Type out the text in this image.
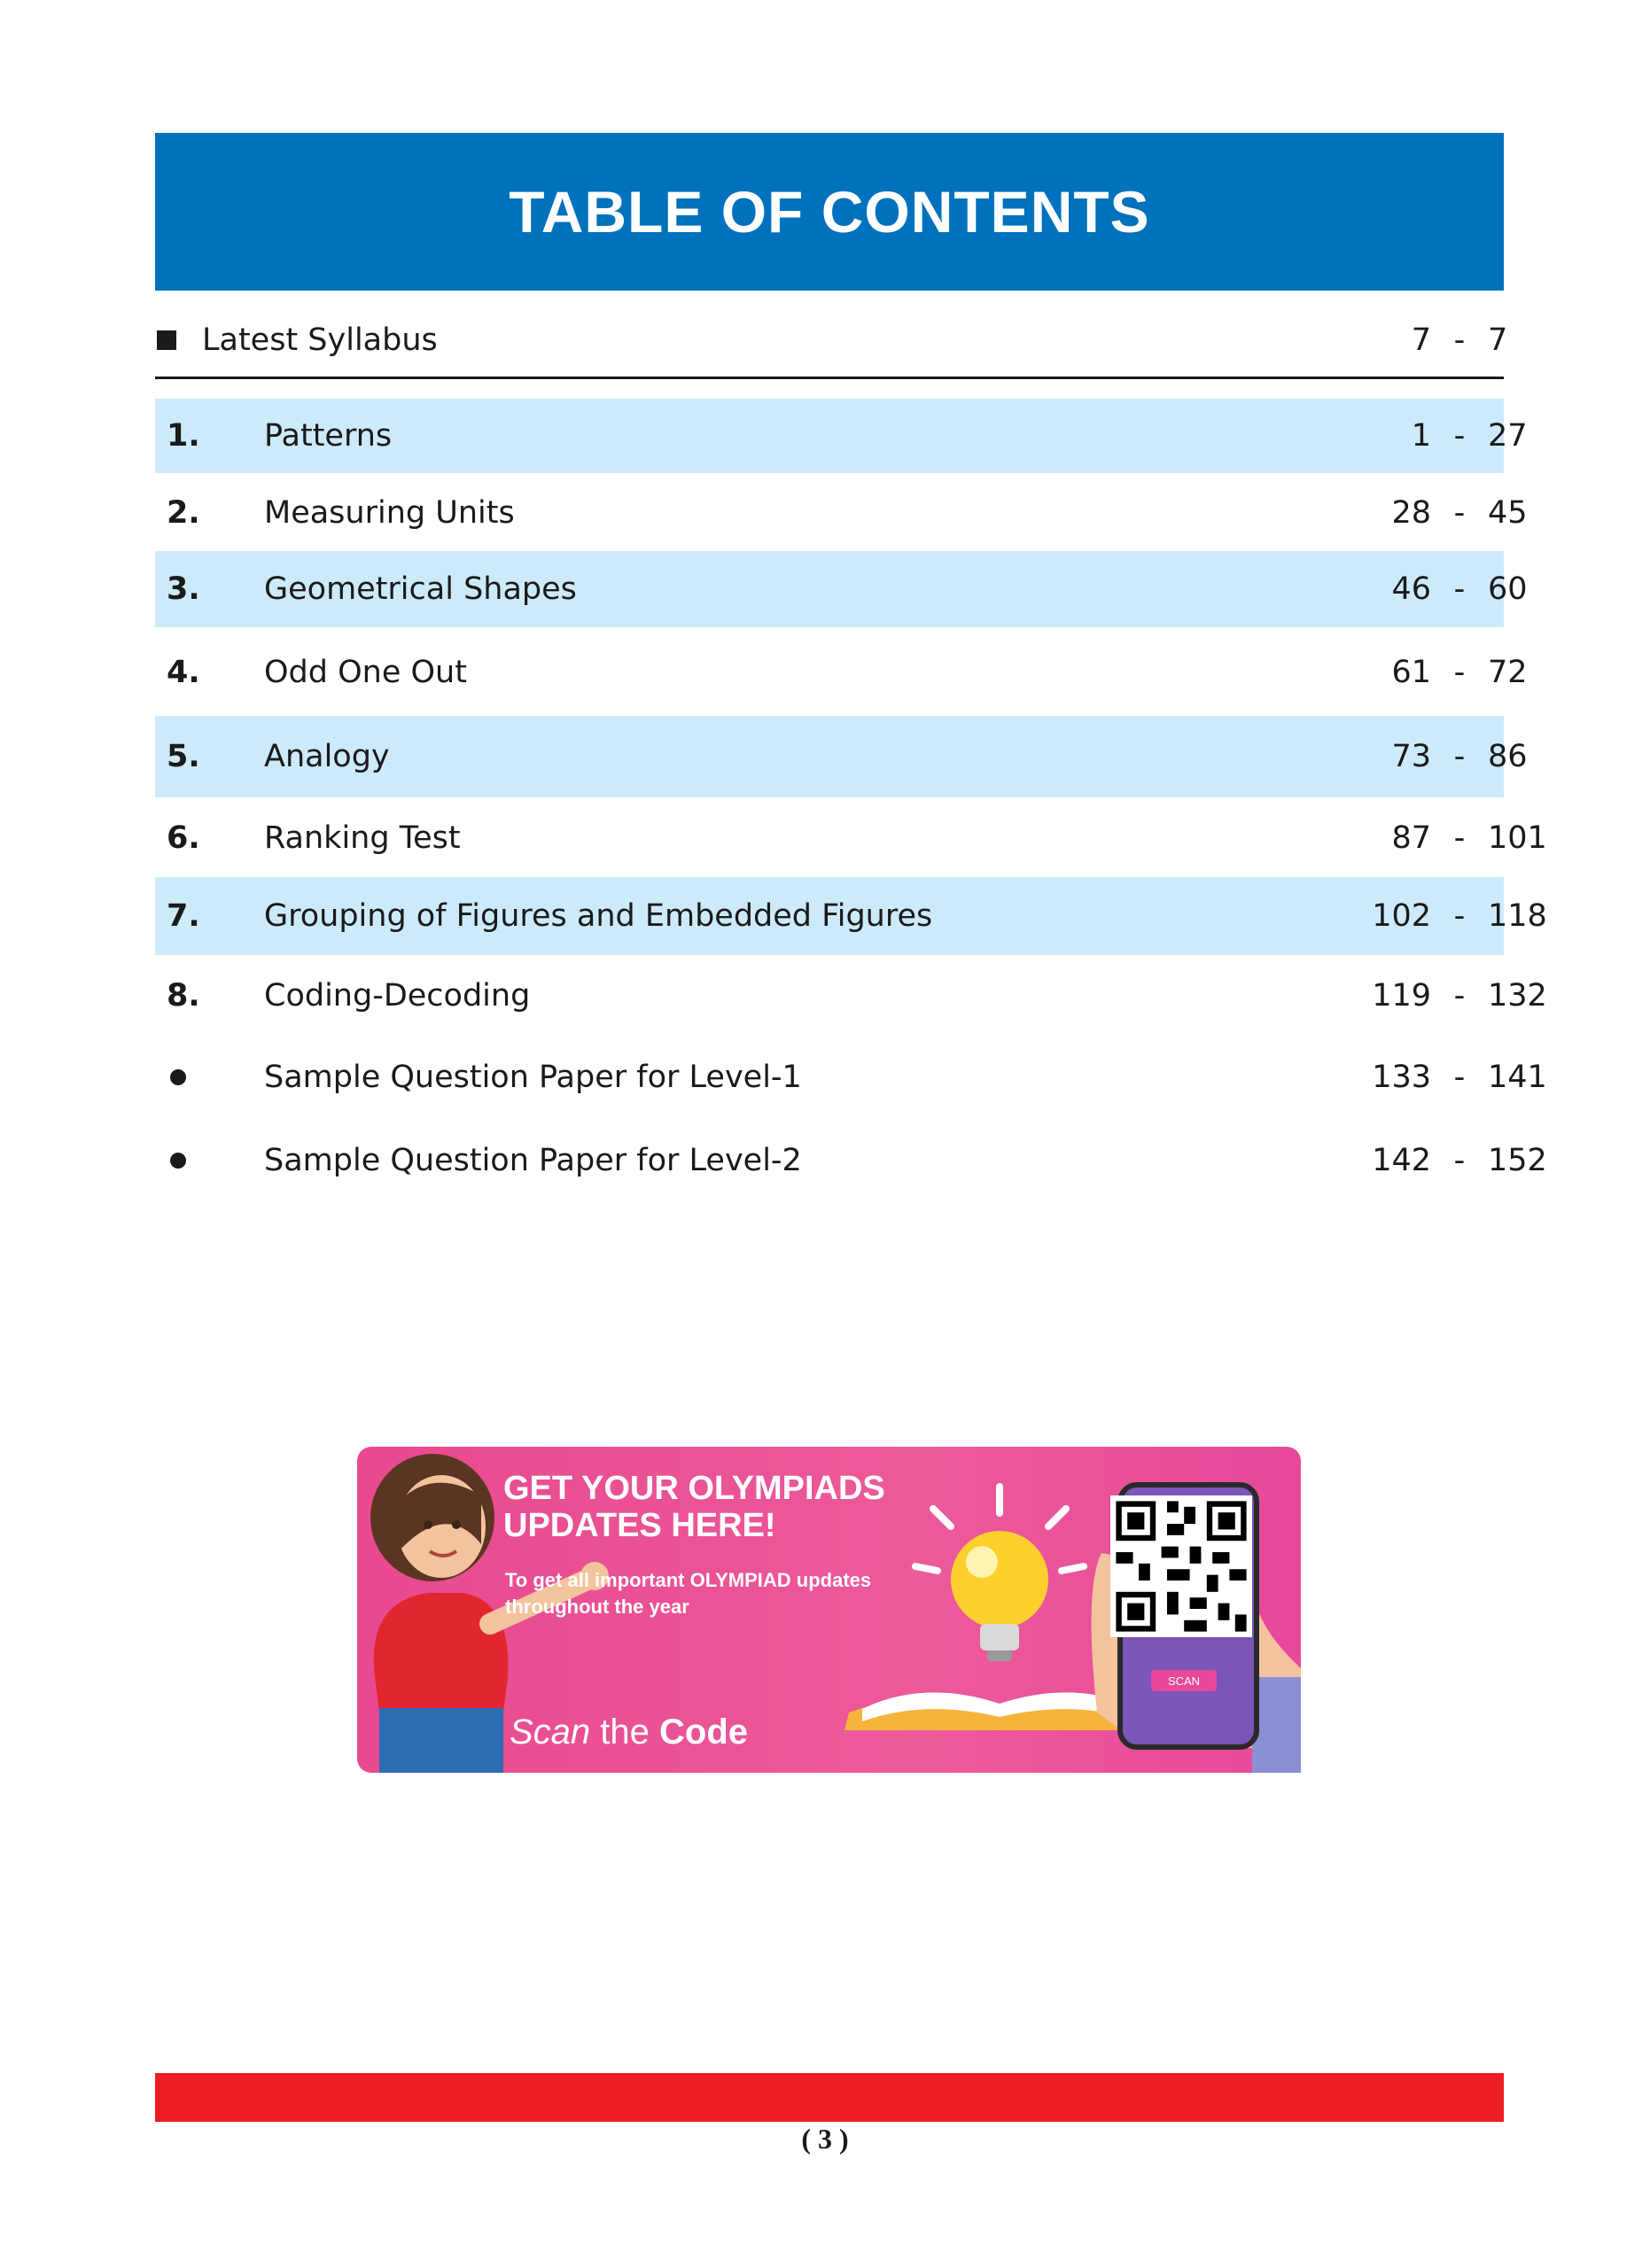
TABLE OF CONTENTS
Latest Syllabus	7 - 7
1. Patterns	1 - 27
2. Measuring Units	28 - 45
3. Geometrical Shapes	46 - 60
4. Odd One Out	61 - 72
5. Analogy	73 - 86
6. Ranking Test	87 - 101
7. Grouping of Figures and Embedded Figures	102 - 118
8. Coding-Decoding	119 - 132
Sample Question Paper for Level-1	133 - 141
Sample Question Paper for Level-2	142 - 152
GET YOUR OLYMPIADS UPDATES HERE!
To get all important OLYMPIAD updates throughout the year
SCAN
Scan the Code
( 3 )
